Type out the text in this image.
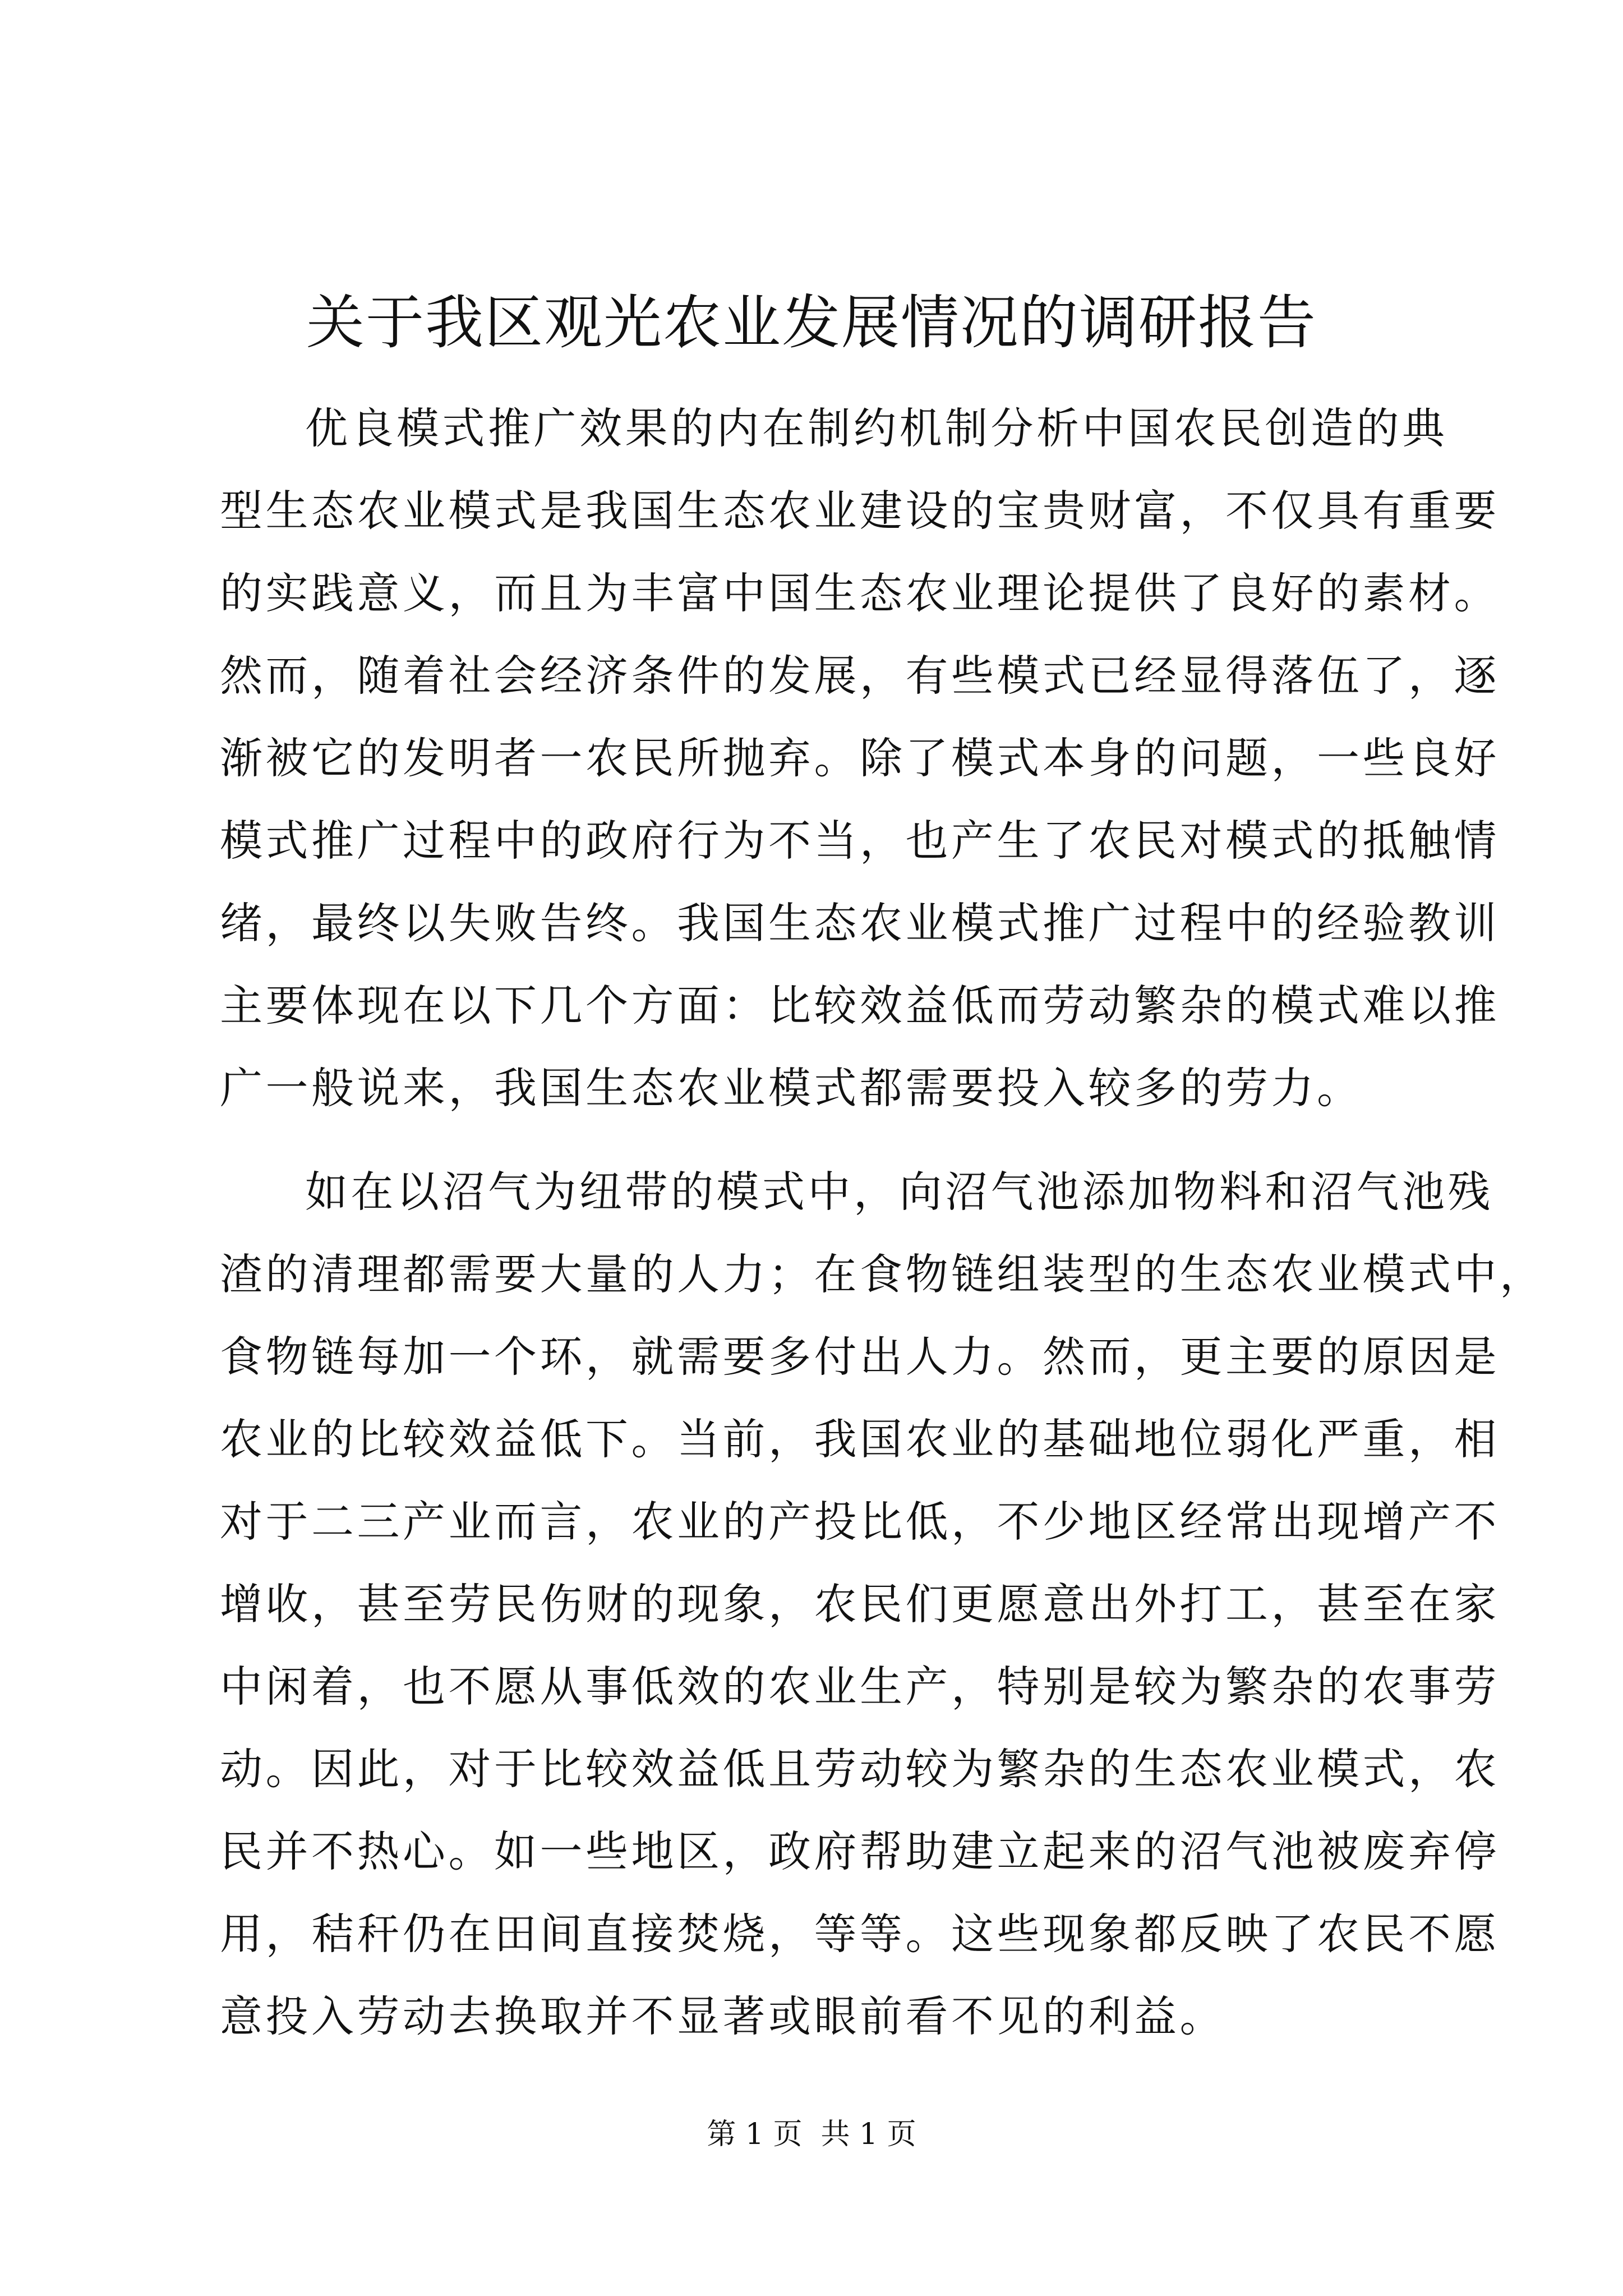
关于我区观光农业发展情况的调研报告
优良模式推广效果的内在制约机制分析中国农民创造的典
型生态农业模式是我国生态农业建设的宝贵财富，不仅具有重要
的实践意义，而且为丰富中国生态农业理论提供了良好的素材。
然而，随着社会经济条件的发展，有些模式已经显得落伍了，逐
渐被它的发明者一农民所抛弃。除了模式本身的问题，一些良好
模式推广过程中的政府行为不当，也产生了农民对模式的抵触情
绪，最终以失败告终。我国生态农业模式推广过程中的经验教训
主要体现在以下几个方面：比较效益低而劳动繁杂的模式难以推
广一般说来，我国生态农业模式都需要投入较多的劳力。
如在以沼气为纽带的模式中，向沼气池添加物料和沼气池残
渣的清理都需要大量的人力；在食物链组装型的生态农业模式中，
食物链每加一个环，就需要多付出人力。然而，更主要的原因是
农业的比较效益低下。当前，我国农业的基础地位弱化严重，相
对于二三产业而言，农业的产投比低，不少地区经常出现增产不
增收，甚至劳民伤财的现象，农民们更愿意出外打工，甚至在家
中闲着，也不愿从事低效的农业生产，特别是较为繁杂的农事劳
动。因此，对于比较效益低且劳动较为繁杂的生态农业模式，农
民并不热心。如一些地区，政府帮助建立起来的沼气池被废弃停
用，秸秆仍在田间直接焚烧，等等。这些现象都反映了农民不愿
意投入劳动去换取并不显著或眼前看不见的利益。
第 1 页  共 1 页
